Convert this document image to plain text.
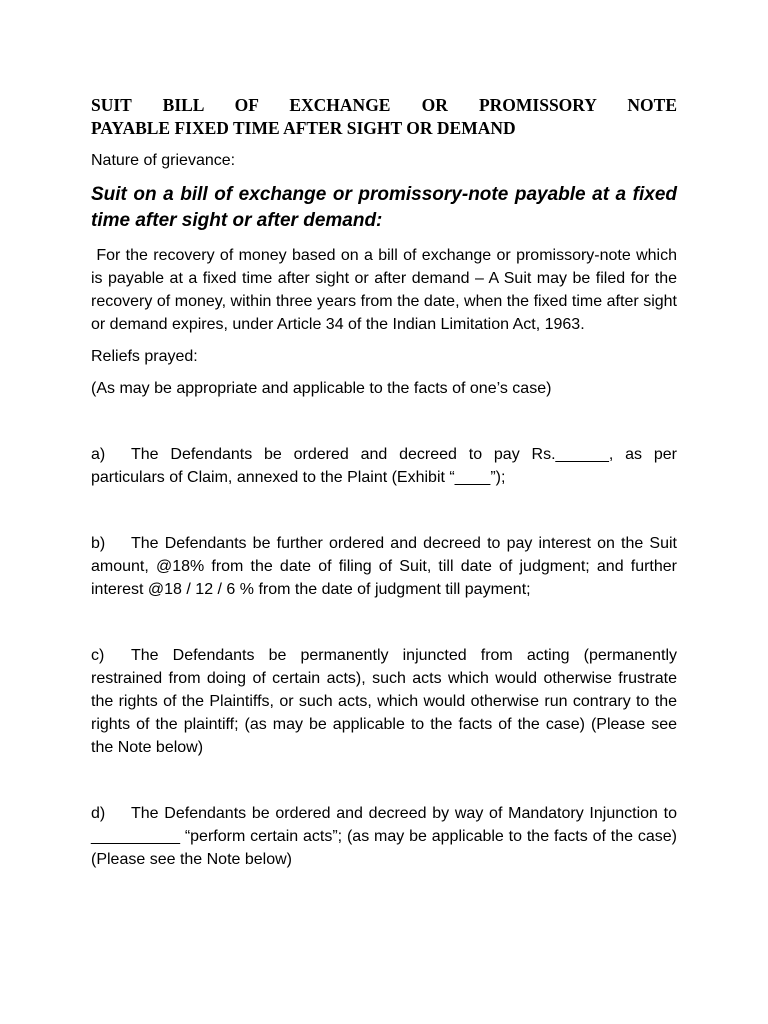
SUIT BILL OF EXCHANGE OR PROMISSORY NOTE
PAYABLE FIXED TIME AFTER SIGHT OR DEMAND

Nature of grievance:

Suit on a bill of exchange or promissory-note payable at a fixed time after sight or after demand:

For the recovery of money based on a bill of exchange or promissory-note which is payable at a fixed time after sight or after demand – A Suit may be filed for the recovery of money, within three years from the date, when the fixed time after sight or demand expires, under Article 34 of the Indian Limitation Act, 1963.

Reliefs prayed:

(As may be appropriate and applicable to the facts of one’s case)

a) The Defendants be ordered and decreed to pay Rs.______, as per particulars of Claim, annexed to the Plaint (Exhibit “____”);

b) The Defendants be further ordered and decreed to pay interest on the Suit amount, @18% from the date of filing of Suit, till date of judgment; and further interest @18 / 12 / 6 % from the date of judgment till payment;

c) The Defendants be permanently injuncted from acting (permanently restrained from doing of certain acts), such acts which would otherwise frustrate the rights of the Plaintiffs, or such acts, which would otherwise run contrary to the rights of the plaintiff; (as may be applicable to the facts of the case) (Please see the Note below)

d) The Defendants be ordered and decreed by way of Mandatory Injunction to __________ “perform certain acts”; (as may be applicable to the facts of the case) (Please see the Note below)
